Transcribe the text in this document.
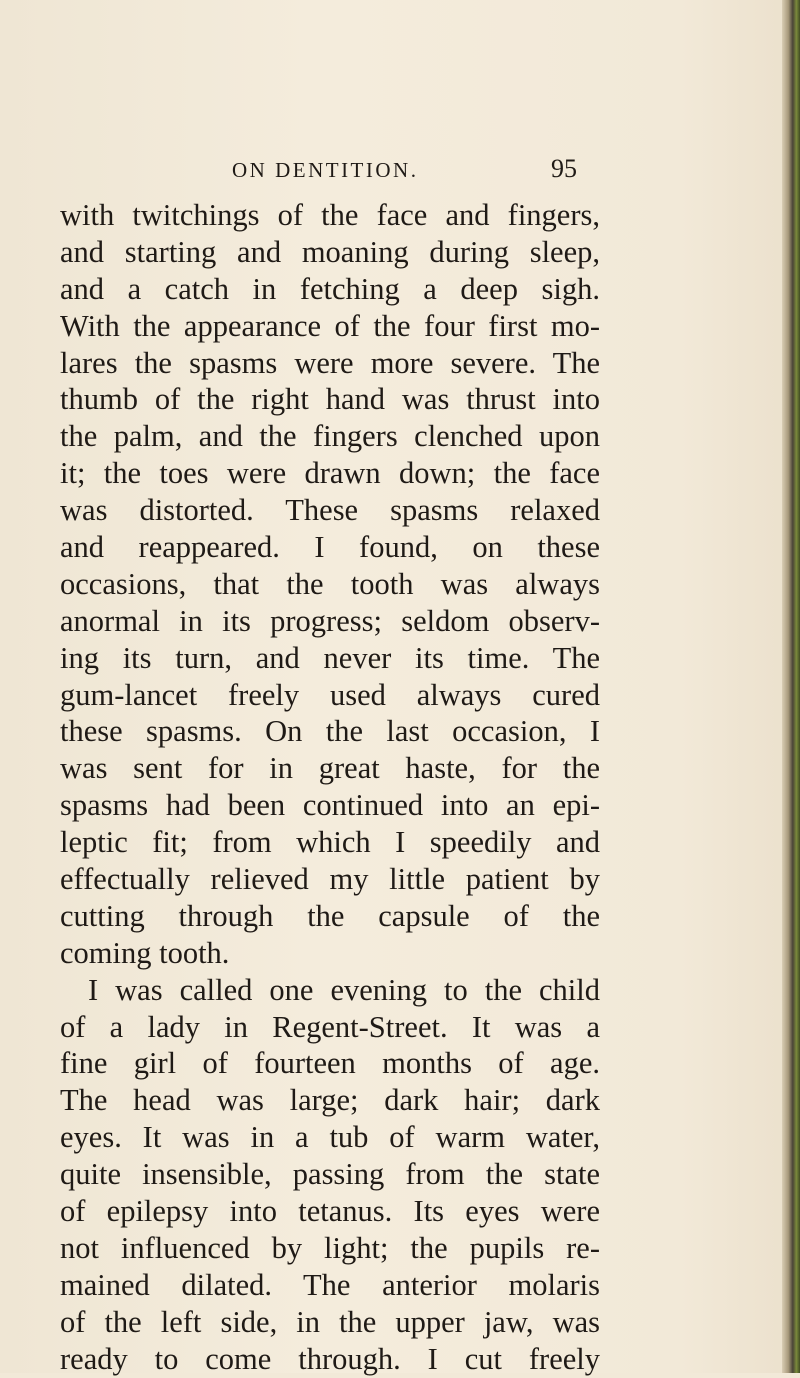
ON DENTITION.	95
with twitchings of the face and fingers,
and starting and moaning during sleep,
and a catch in fetching a deep sigh.
With the appearance of the four first mo-
lares the spasms were more severe. The
thumb of the right hand was thrust into
the palm, and the fingers clenched upon
it; the toes were drawn down; the face
was distorted. These spasms relaxed
and reappeared. I found, on these
occasions, that the tooth was always
anormal in its progress; seldom observ-
ing its turn, and never its time. The
gum-lancet freely used always cured
these spasms. On the last occasion, I
was sent for in great haste, for the
spasms had been continued into an epi-
leptic fit; from which I speedily and
effectually relieved my little patient by
cutting through the capsule of the
coming tooth.
I was called one evening to the child
of a lady in Regent-Street. It was a
fine girl of fourteen months of age.
The head was large; dark hair; dark
eyes. It was in a tub of warm water,
quite insensible, passing from the state
of epilepsy into tetanus. Its eyes were
not influenced by light; the pupils re-
mained dilated. The anterior molaris
of the left side, in the upper jaw, was
ready to come through. I cut freely
